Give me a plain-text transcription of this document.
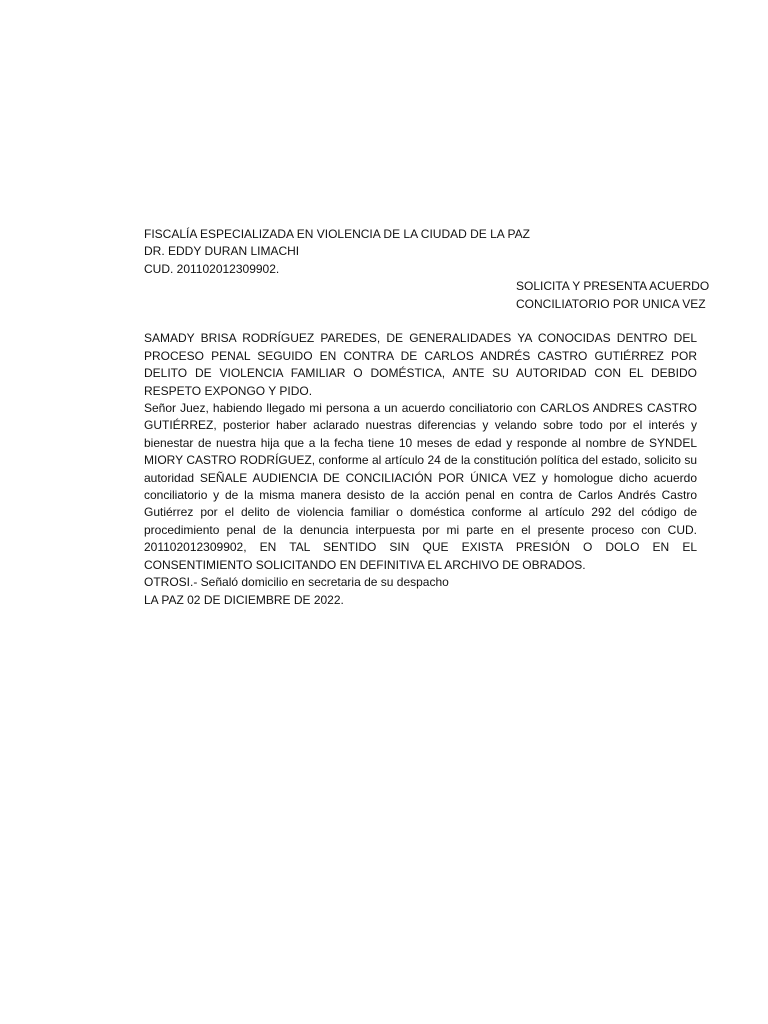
FISCALÍA ESPECIALIZADA EN VIOLENCIA DE LA CIUDAD DE LA PAZ
DR. EDDY DURAN LIMACHI
CUD. 201102012309902.
SOLICITA Y PRESENTA ACUERDO
CONCILIATORIO POR UNICA VEZ

SAMADY BRISA RODRÍGUEZ PAREDES, DE GENERALIDADES YA CONOCIDAS DENTRO DEL PROCESO PENAL SEGUIDO EN CONTRA DE CARLOS ANDRÉS CASTRO GUTIÉRREZ POR DELITO DE VIOLENCIA FAMILIAR O DOMÉSTICA, ANTE SU AUTORIDAD CON EL DEBIDO RESPETO EXPONGO Y PIDO.

Señor Juez, habiendo llegado mi persona a un acuerdo conciliatorio con CARLOS ANDRES CASTRO GUTIÉRREZ, posterior haber aclarado nuestras diferencias y velando sobre todo por el interés y bienestar de nuestra hija que a la fecha tiene 10 meses de edad y responde al nombre de SYNDEL MIORY CASTRO RODRÍGUEZ, conforme al artículo 24 de la constitución política del estado, solicito su autoridad SEÑALE AUDIENCIA DE CONCILIACIÓN POR ÚNICA VEZ y homologue dicho acuerdo conciliatorio y de la misma manera desisto de la acción penal en contra de Carlos Andrés Castro Gutiérrez por el delito de violencia familiar o doméstica conforme al artículo 292 del código de procedimiento penal de la denuncia interpuesta por mi parte en el presente proceso con CUD. 201102012309902, EN TAL SENTIDO SIN QUE EXISTA PRESIÓN O DOLO EN EL CONSENTIMIENTO SOLICITANDO EN DEFINITIVA EL ARCHIVO DE OBRADOS.

OTROSI.- Señaló domicilio en secretaria de su despacho
LA PAZ 02 DE DICIEMBRE DE 2022.
